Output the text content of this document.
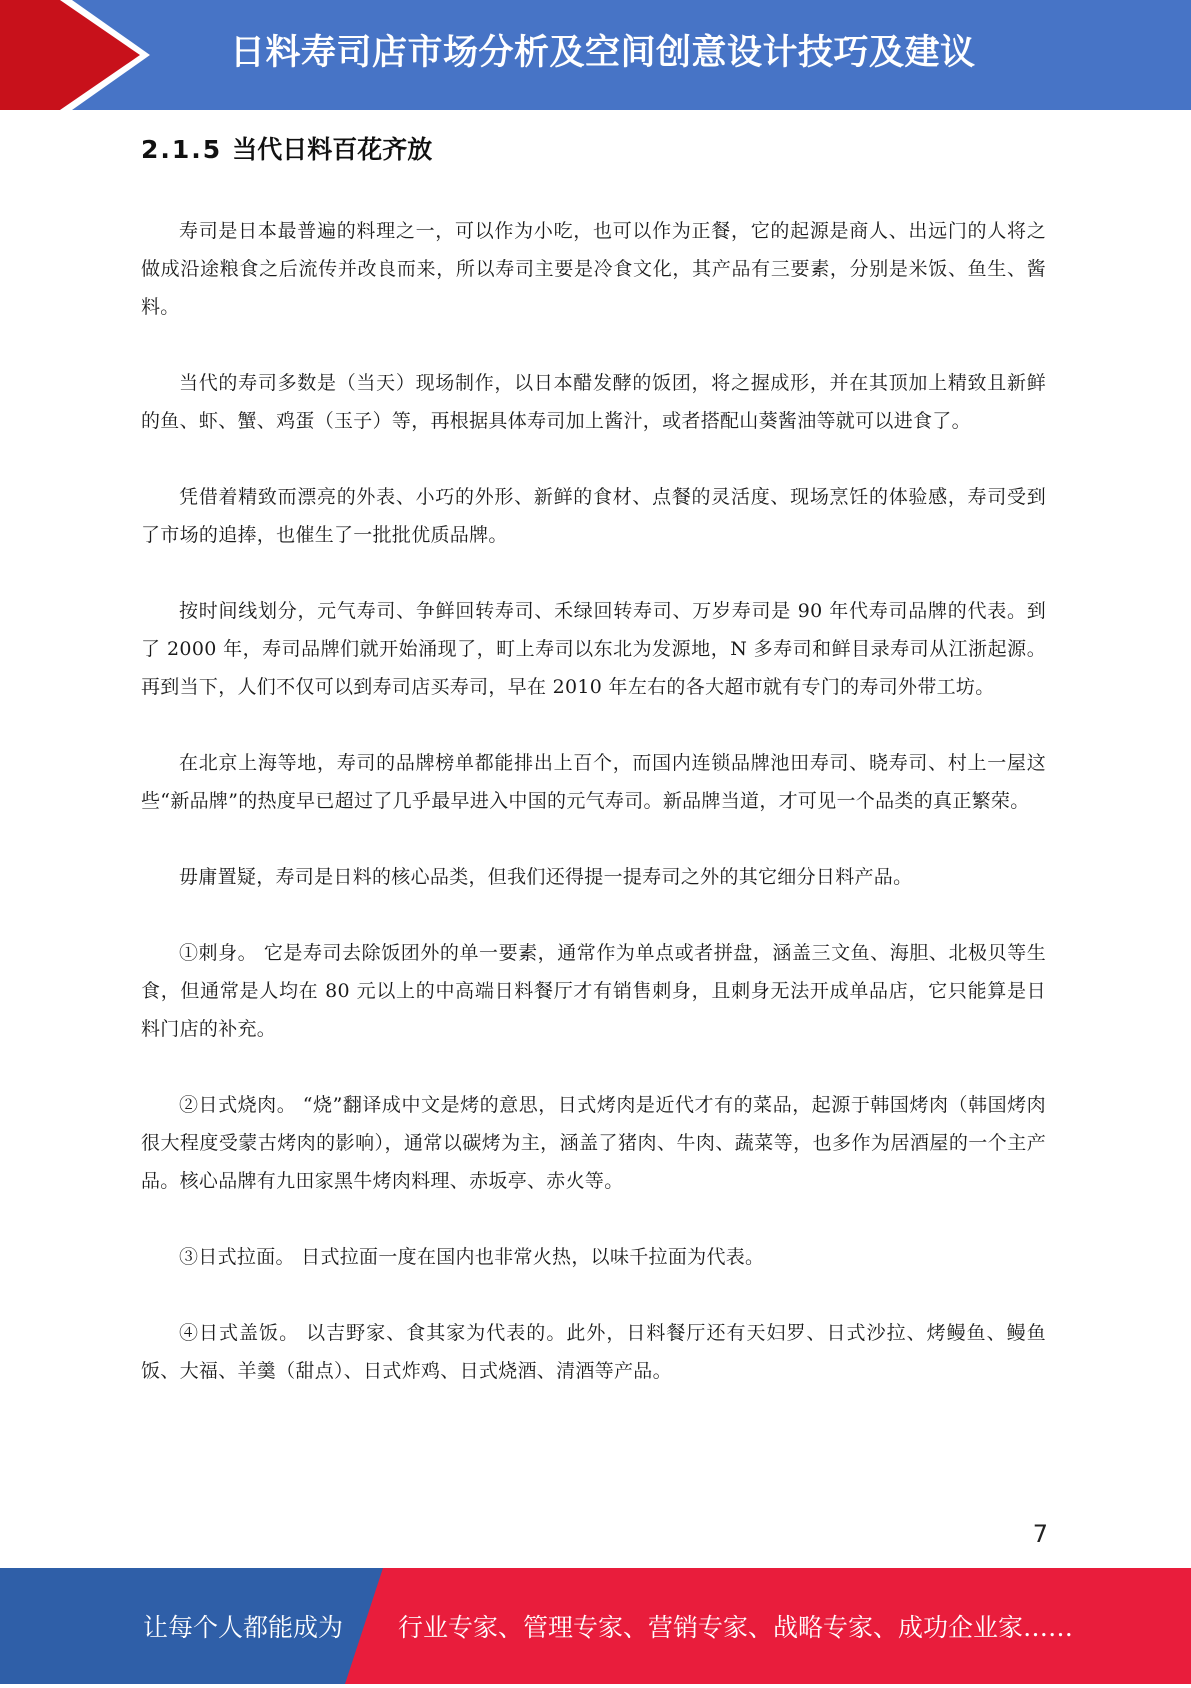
日料寿司店市场分析及空间创意设计技巧及建议
2.1.5 当代日料百花齐放

寿司是日本最普遍的料理之一，可以作为小吃，也可以作为正餐，它的起源是商人、出远门的人将之做成沿途粮食之后流传并改良而来，所以寿司主要是冷食文化，其产品有三要素，分别是米饭、鱼生、酱料。

当代的寿司多数是（当天）现场制作，以日本醋发酵的饭团，将之握成形，并在其顶加上精致且新鲜的鱼、虾、蟹、鸡蛋（玉子）等，再根据具体寿司加上酱汁，或者搭配山葵酱油等就可以进食了。

凭借着精致而漂亮的外表、小巧的外形、新鲜的食材、点餐的灵活度、现场烹饪的体验感，寿司受到了市场的追捧，也催生了一批批优质品牌。

按时间线划分，元气寿司、争鲜回转寿司、禾绿回转寿司、万岁寿司是 90 年代寿司品牌的代表。到了 2000 年，寿司品牌们就开始涌现了，町上寿司以东北为发源地，N 多寿司和鲜目录寿司从江浙起源。再到当下，人们不仅可以到寿司店买寿司，早在 2010 年左右的各大超市就有专门的寿司外带工坊。

在北京上海等地，寿司的品牌榜单都能排出上百个，而国内连锁品牌池田寿司、晓寿司、村上一屋这些“新品牌”的热度早已超过了几乎最早进入中国的元气寿司。新品牌当道，才可见一个品类的真正繁荣。

毋庸置疑，寿司是日料的核心品类，但我们还得提一提寿司之外的其它细分日料产品。

①刺身。 它是寿司去除饭团外的单一要素，通常作为单点或者拼盘，涵盖三文鱼、海胆、北极贝等生食，但通常是人均在 80 元以上的中高端日料餐厅才有销售刺身，且刺身无法开成单品店，它只能算是日料门店的补充。

②日式烧肉。 “烧”翻译成中文是烤的意思，日式烤肉是近代才有的菜品，起源于韩国烤肉（韩国烤肉很大程度受蒙古烤肉的影响），通常以碳烤为主，涵盖了猪肉、牛肉、蔬菜等，也多作为居酒屋的一个主产品。核心品牌有九田家黑牛烤肉料理、赤坂亭、赤火等。

③日式拉面。 日式拉面一度在国内也非常火热，以味千拉面为代表。

④日式盖饭。 以吉野家、食其家为代表的。此外，日料餐厅还有天妇罗、日式沙拉、烤鳗鱼、鳗鱼饭、大福、羊羹（甜点）、日式炸鸡、日式烧酒、清酒等产品。

7
让每个人都能成为 行业专家、管理专家、营销专家、战略专家、成功企业家……
